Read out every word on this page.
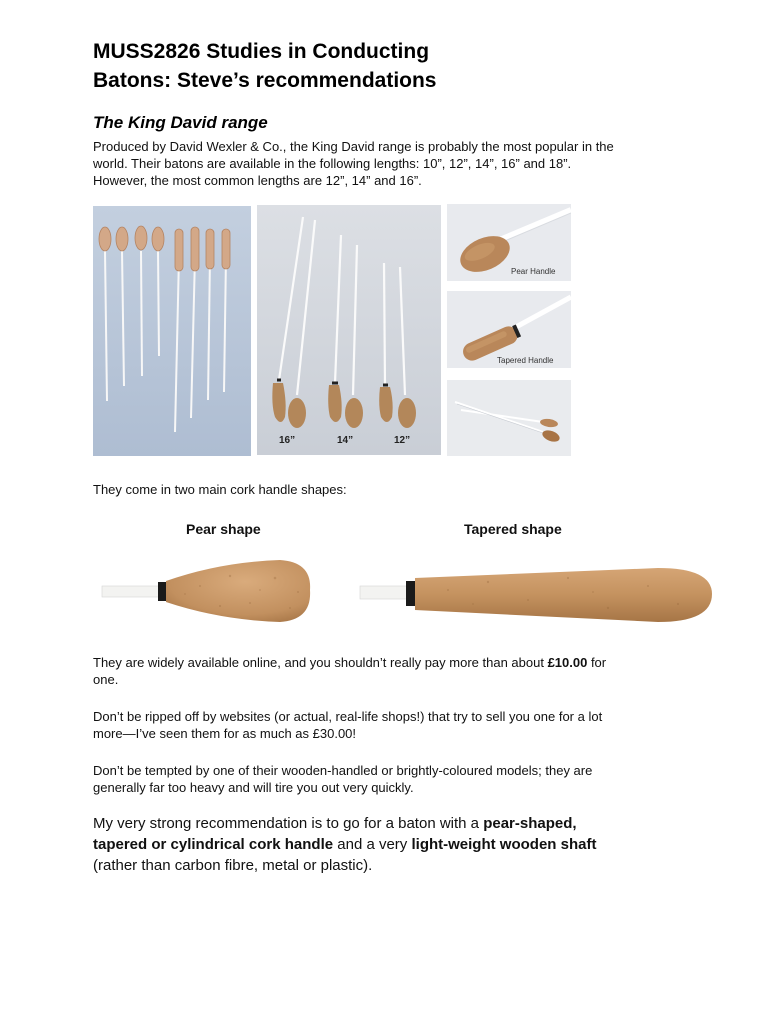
MUSS2826 Studies in Conducting
Batons: Steve’s recommendations
The King David range
Produced by David Wexler & Co., the King David range is probably the most popular in the
world. Their batons are available in the following lengths: 10”, 12”, 14”, 16” and 18”.
However, the most common lengths are 12”, 14” and 16”.
16”	14”	12”
Pear Handle
Tapered Handle
They come in two main cork handle shapes:
Pear shape	Tapered shape
They are widely available online, and you shouldn’t really pay more than about £10.00 for
one.
Don’t be ripped off by websites (or actual, real-life shops!) that try to sell you one for a lot
more—I’ve seen them for as much as £30.00!
Don’t be tempted by one of their wooden-handled or brightly-coloured models; they are
generally far too heavy and will tire you out very quickly.
My very strong recommendation is to go for a baton with a pear-shaped,
tapered or cylindrical cork handle and a very light-weight wooden shaft
(rather than carbon fibre, metal or plastic).
